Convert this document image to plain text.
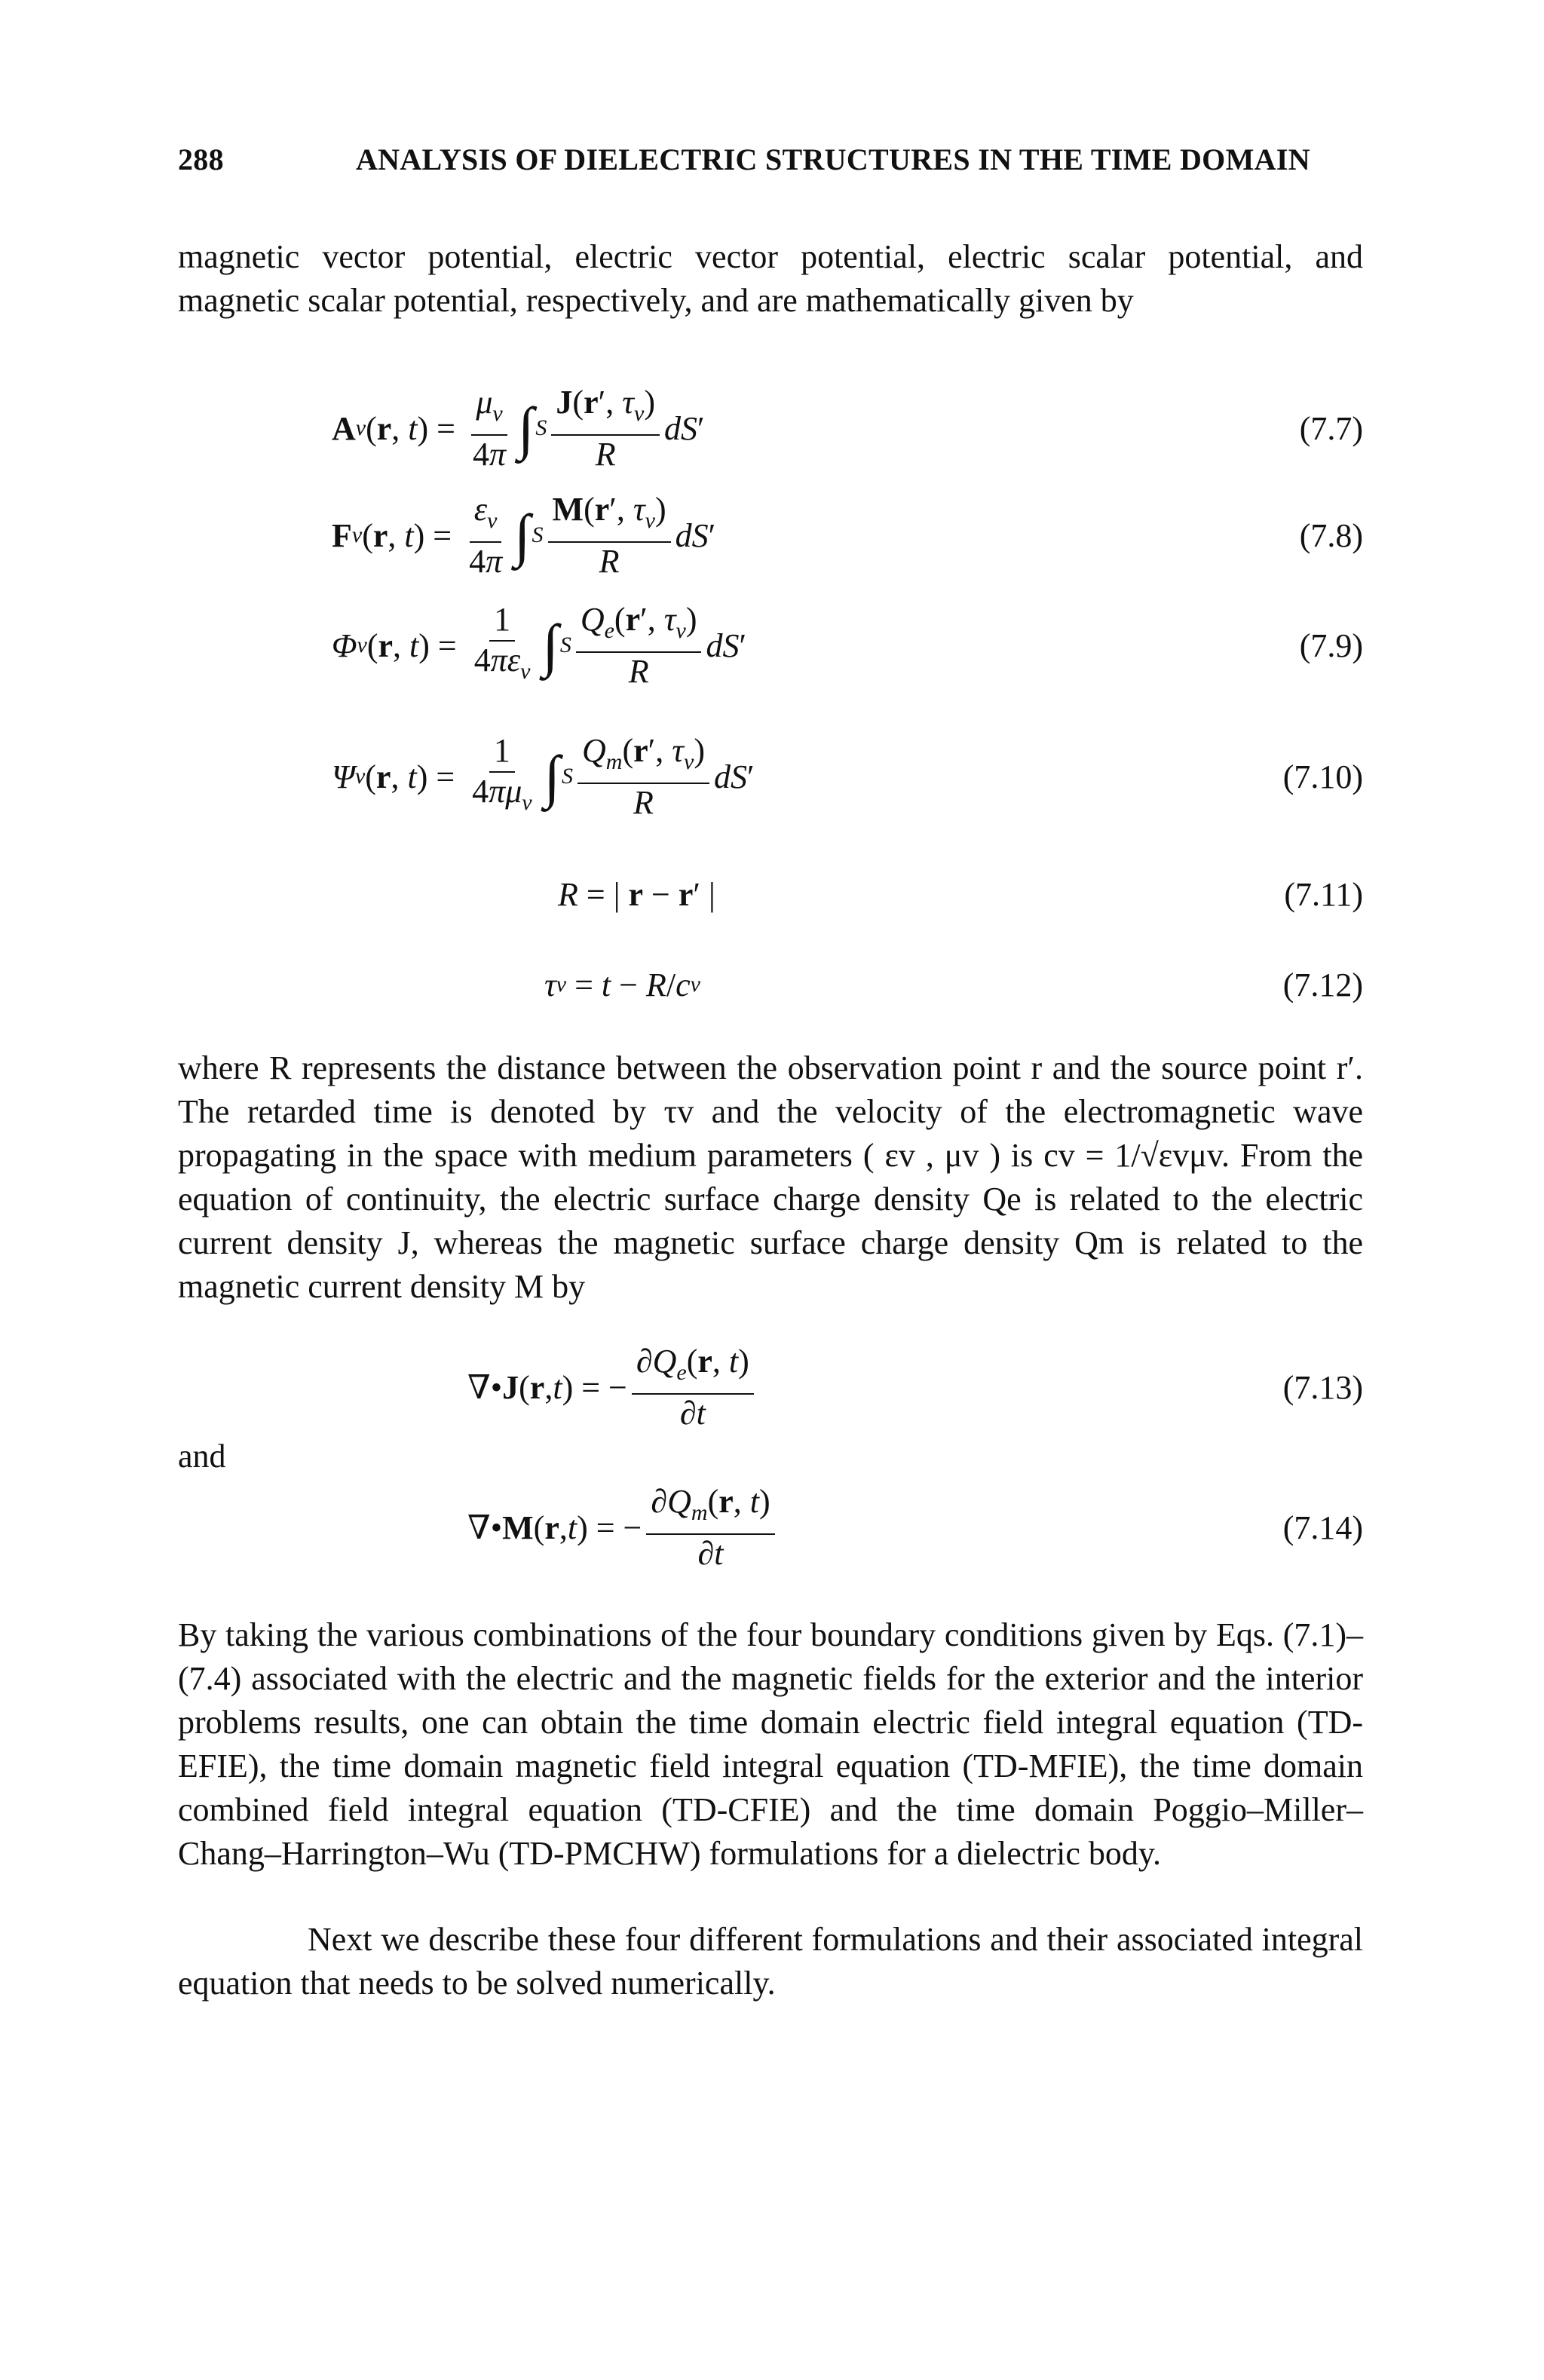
288	ANALYSIS OF DIELECTRIC STRUCTURES IN THE TIME DOMAIN

magnetic vector potential, electric vector potential, electric scalar potential, and magnetic scalar potential, respectively, and are mathematically given by

A v (r, $t) = \frac{\mu_v}{4\pi}$ ∫ S $\frac{J(r', \tau_v)}{R}$ dS ′	(7.7)
F v (r, $t) = \frac{\varepsilon_v}{4\pi}$ ∫ S $\frac{M(r', \tau_v)}{R}$ dS ′	(7.8)
Φ v (r, $t) = \frac{1}{4\pi\varepsilon_v}$ ∫ S $\frac{Q_e(r', \tau_v)}{R}$ dS ′	(7.9)
Ψ v (r, $t) = \frac{1}{4\pi\mu_v}$ ∫ S $\frac{Q_m(r', \tau_v)}{R}$ dS ′	(7.10)
R = | r − r ′ |	(7.11)
τ v = t − R / c v	(7.12)

where R represents the distance between the observation point r and the source point r′. The retarded time is denoted by τv and the velocity of the electromagnetic wave propagating in the space with medium parameters ( εv , μv ) is cv = 1/√εvμv. From the equation of continuity, the electric surface charge density Qe is related to the electric current density J, whereas the magnetic surface charge density Qm is related to the magnetic current density M by

∇• J ( r , t ) = − $\frac{\partial Q_e(r, t)}{\partial t}$	(7.13)
and
∇• M ( r , t ) = − $\frac{\partial Q_m(r, t)}{\partial t}$	(7.14)

By taking the various combinations of the four boundary conditions given by Eqs. (7.1)–(7.4) associated with the electric and the magnetic fields for the exterior and the interior problems results, one can obtain the time domain electric field integral equation (TD-EFIE), the time domain magnetic field integral equation (TD-MFIE), the time domain combined field integral equation (TD-CFIE) and the time domain Poggio–Miller–Chang–Harrington–Wu (TD-PMCHW) formulations for a dielectric body.

Next we describe these four different formulations and their associated integral equation that needs to be solved numerically.
